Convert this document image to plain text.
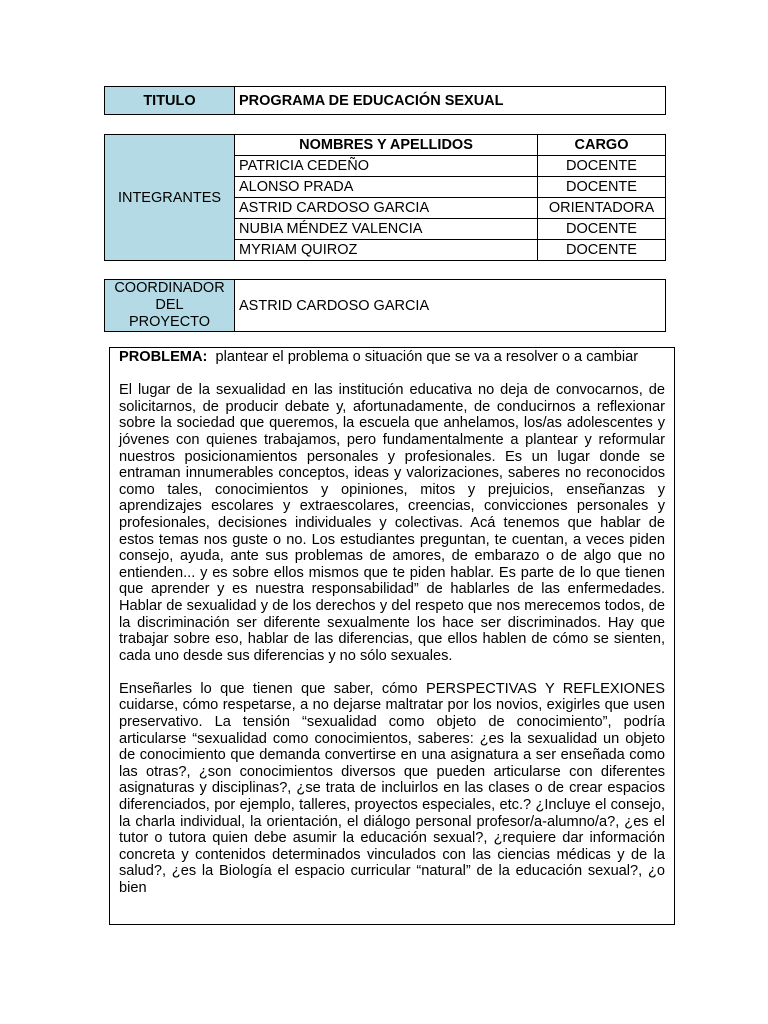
TITULO	PROGRAMA DE EDUCACIÓN SEXUAL
INTEGRANTES	NOMBRES Y APELLIDOS	CARGO
	PATRICIA CEDEÑO	DOCENTE
	ALONSO PRADA	DOCENTE
	ASTRID CARDOSO GARCIA	ORIENTADORA
	NUBIA MÉNDEZ VALENCIA	DOCENTE
	MYRIAM QUIROZ	DOCENTE
COORDINADOR
DEL
PROYECTO	ASTRID CARDOSO GARCIA

PROBLEMA: plantear el problema o situación que se va a resolver o a cambiar

El lugar de la sexualidad en las institución educativa no deja de convocarnos, de solicitarnos, de producir debate y, afortunadamente, de conducirnos a reflexionar sobre la sociedad que queremos, la escuela que anhelamos, los/as adolescentes y jóvenes con quienes trabajamos, pero fundamentalmente a plantear y reformular nuestros posicionamientos personales y profesionales. Es un lugar donde se entraman innumerables conceptos, ideas y valorizaciones, saberes no reconocidos como tales, conocimientos y opiniones, mitos y prejuicios, enseñanzas y aprendizajes escolares y extraescolares, creencias, convicciones personales y profesionales, decisiones individuales y colectivas. Acá tenemos que hablar de estos temas nos guste o no. Los estudiantes preguntan, te cuentan, a veces piden consejo, ayuda, ante sus problemas de amores, de embarazo o de algo que no entienden... y es sobre ellos mismos que te piden hablar. Es parte de lo que tienen que aprender y es nuestra responsabilidad” de hablarles de las enfermedades. Hablar de sexualidad y de los derechos y del respeto que nos merecemos todos, de la discriminación ser diferente sexualmente los hace ser discriminados. Hay que trabajar sobre eso, hablar de las diferencias, que ellos hablen de cómo se sienten, cada uno desde sus diferencias y no sólo sexuales.

Enseñarles lo que tienen que saber, cómo PERSPECTIVAS Y REFLEXIONES cuidarse, cómo respetarse, a no dejarse maltratar por los novios, exigirles que usen preservativo. La tensión “sexualidad como objeto de conocimiento”, podría articularse “sexualidad como conocimientos, saberes: ¿es la sexualidad un objeto de conocimiento que demanda convertirse en una asignatura a ser enseñada como las otras?, ¿son conocimientos diversos que pueden articularse con diferentes asignaturas y disciplinas?, ¿se trata de incluirlos en las clases o de crear espacios diferenciados, por ejemplo, talleres, proyectos especiales, etc.? ¿Incluye el consejo, la charla individual, la orientación, el diálogo personal profesor/a-alumno/a?, ¿es el tutor o tutora quien debe asumir la educación sexual?, ¿requiere dar información concreta y contenidos determinados vinculados con las ciencias médicas y de la salud?, ¿es la Biología el espacio curricular “natural” de la educación sexual?, ¿o bien
